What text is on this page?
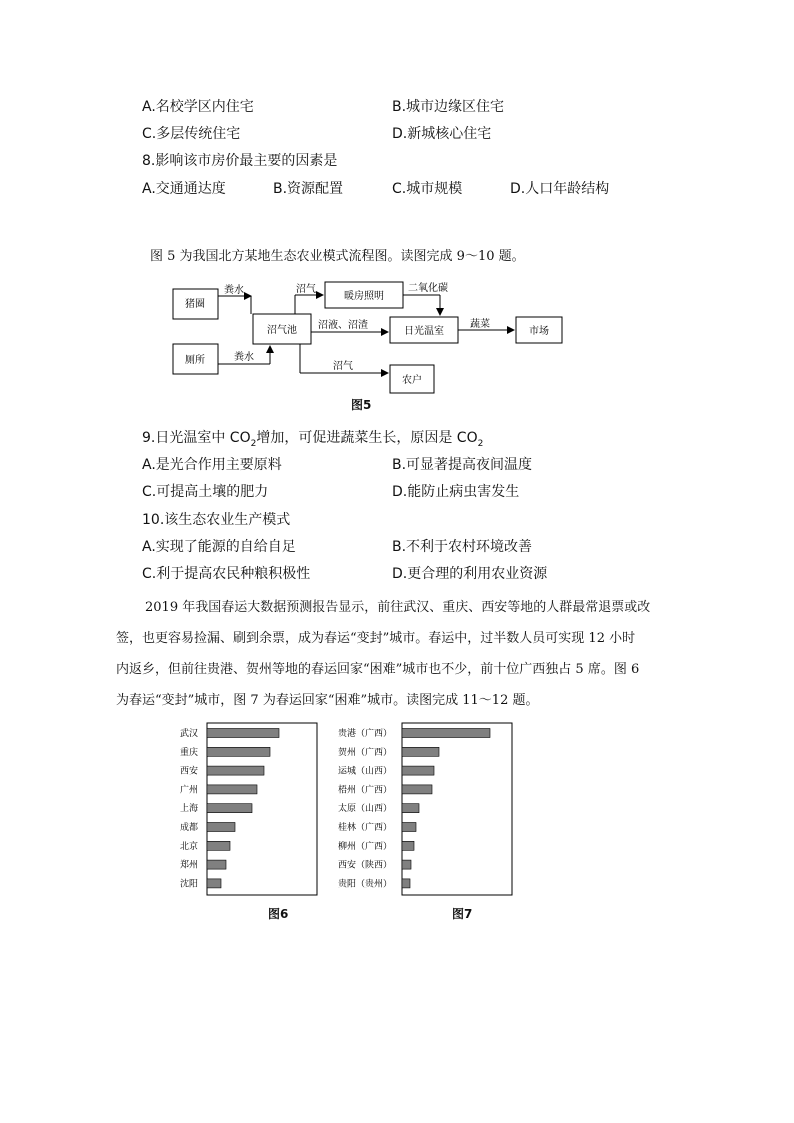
A.名校学区内住宅	B.城市边缘区住宅
C.多层传统住宅	D.新城核心住宅
8.影响该市房价最主要的因素是
A.交通通达度	B.资源配置	C.城市规模	D.人口年龄结构
图 5 为我国北方某地生态农业模式流程图。读图完成 9～10 题。
猪圈
厕所
沼气池
暖房照明
日光温室	市场
农户
粪水
粪水
沼气
沼液、沼渣
二氧化碳
沼气
蔬菜
图5
9.日光温室中 $CO_2$增加，可促进蔬菜生长，原因是 $CO_2$
A.是光合作用主要原料	B.可显著提高夜间温度
C.可提高土壤的肥力	D.能防止病虫害发生
10.该生态农业生产模式
A.实现了能源的自给自足	B.不利于农村环境改善
C.利于提高农民种粮积极性	D.更合理的利用农业资源
2019 年我国春运大数据预测报告显示，前往武汉、重庆、西安等地的人群最常退票或改
签，也更容易捡漏、刷到余票，成为春运“变封”城市。春运中，过半数人员可实现 12 小时
内返乡，但前往贵港、贺州等地的春运回家“困难”城市也不少，前十位广西独占 5 席。图 6
为春运“变封”城市，图 7 为春运回家“困难”城市。读图完成 11～12 题。
武汉
重庆
西安
广州
上海
成都
北京
郑州
沈阳
图6
贵港（广西）
贺州（广西）
运城（山西）
梧州（广西）
太原（山西）
桂林（广西）
柳州（广西）
西安（陕西）
贵阳（贵州）
图7
